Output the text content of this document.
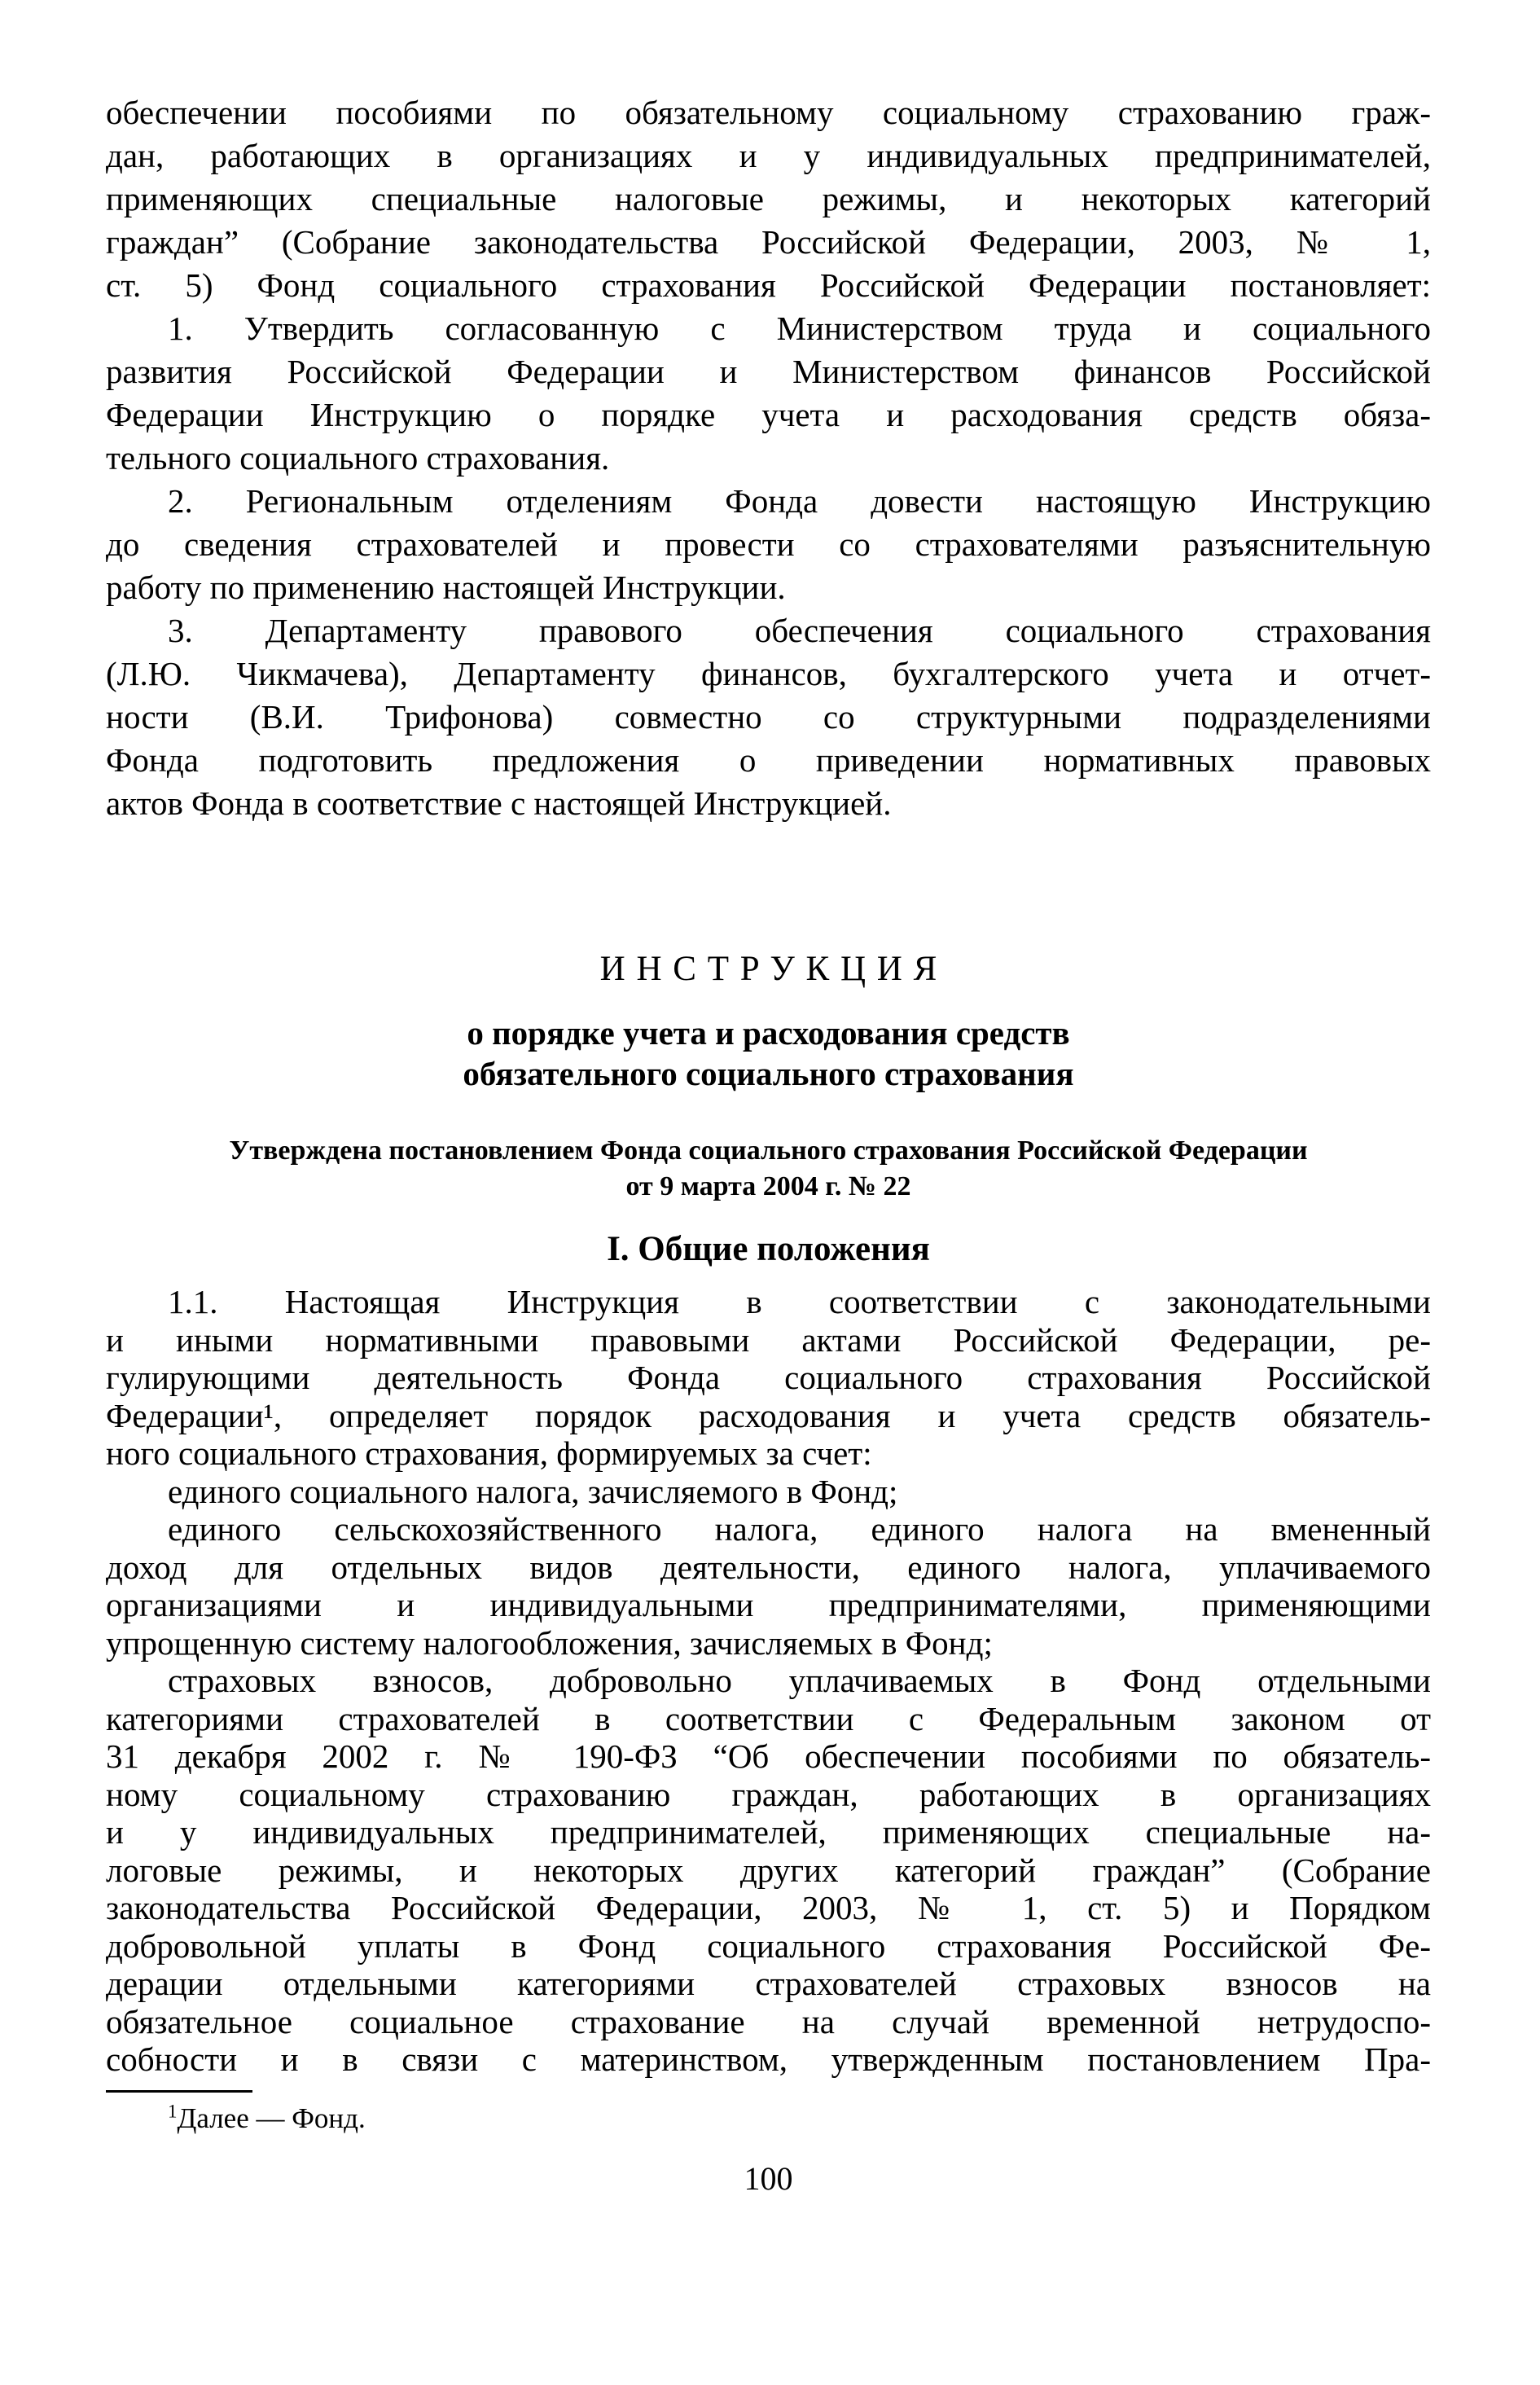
обеспечении пособиями по обязательному социальному страхованию граж-
дан, работающих в организациях и у индивидуальных предпринимателей,
применяющих специальные налоговые режимы, и некоторых категорий
граждан” (Собрание законодательства Российской Федерации, 2003, № 1,
ст. 5) Фонд социального страхования Российской Федерации постановляет:
1. Утвердить согласованную с Министерством труда и социального
развития Российской Федерации и Министерством финансов Российской
Федерации Инструкцию о порядке учета и расходования средств обяза-
тельного социального страхования.
2. Региональным отделениям Фонда довести настоящую Инструкцию
до сведения страхователей и провести со страхователями разъяснительную
работу по применению настоящей Инструкции.
3. Департаменту правового обеспечения социального страхования
(Л.Ю. Чикмачева), Департаменту финансов, бухгалтерского учета и отчет-
ности (В.И. Трифонова) совместно со структурными подразделениями
Фонда подготовить предложения о приведении нормативных правовых
актов Фонда в соответствие с настоящей Инструкцией.
ИНСТРУКЦИЯ
о порядке учета и расходования средств
обязательного социального страхования
Утверждена постановлением Фонда социального страхования Российской Федерации
от 9 марта 2004 г. № 22
I. Общие положения
1.1. Настоящая Инструкция в соответствии с законодательными
и иными нормативными правовыми актами Российской Федерации, ре-
гулирующими деятельность Фонда социального страхования Российской
Федерации¹, определяет порядок расходования и учета средств обязатель-
ного социального страхования, формируемых за счет:
единого социального налога, зачисляемого в Фонд;
единого сельскохозяйственного налога, единого налога на вмененный
доход для отдельных видов деятельности, единого налога, уплачиваемого
организациями и индивидуальными предпринимателями, применяющими
упрощенную систему налогообложения, зачисляемых в Фонд;
страховых взносов, добровольно уплачиваемых в Фонд отдельными
категориями страхователей в соответствии с Федеральным законом от
31 декабря 2002 г. № 190-ФЗ “Об обеспечении пособиями по обязатель-
ному социальному страхованию граждан, работающих в организациях
и у индивидуальных предпринимателей, применяющих специальные на-
логовые режимы, и некоторых других категорий граждан” (Собрание
законодательства Российской Федерации, 2003, № 1, ст. 5) и Порядком
добровольной уплаты в Фонд социального страхования Российской Фе-
дерации отдельными категориями страхователей страховых взносов на
обязательное социальное страхование на случай временной нетрудоспо-
собности и в связи с материнством, утвержденным постановлением Пра-
$^1$Далее — Фонд.
100
